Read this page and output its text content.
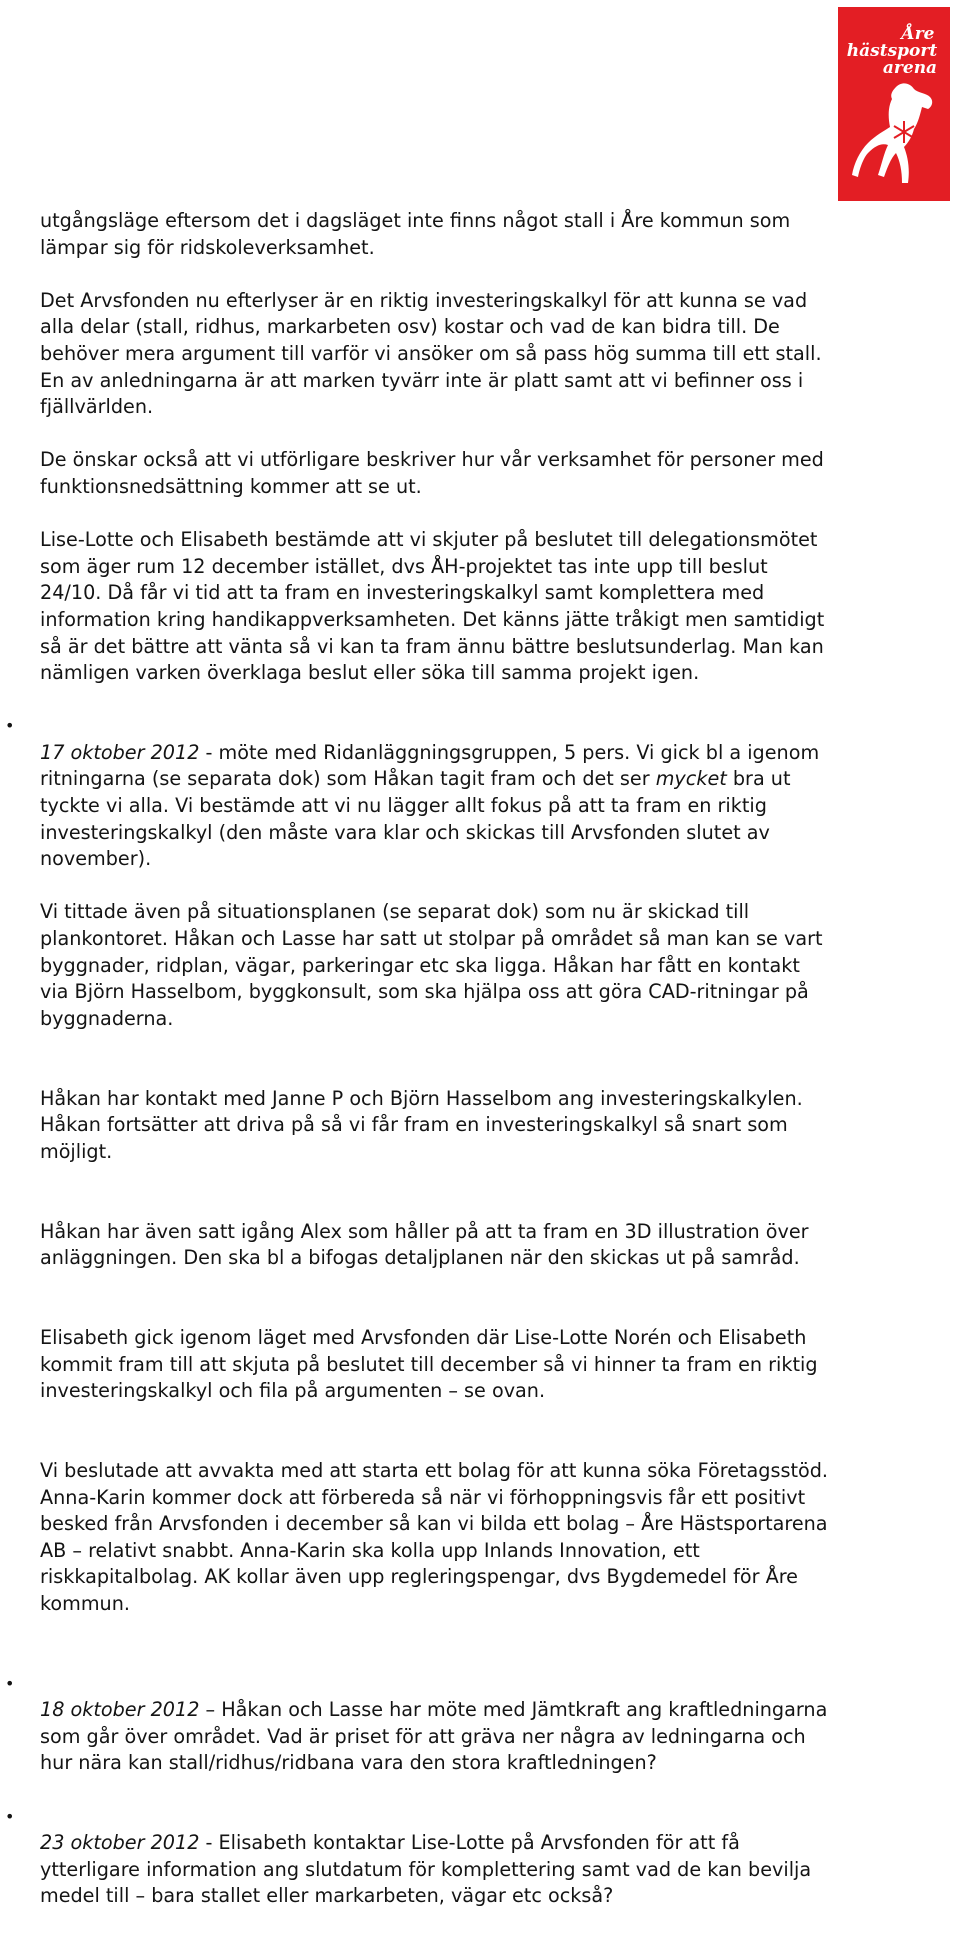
Åre
hästsport
arena

utgångsläge eftersom det i dagsläget inte finns något stall i Åre kommun som
lämpar sig för ridskoleverksamhet.

Det Arvsfonden nu efterlyser är en riktig investeringskalkyl för att kunna se vad
alla delar (stall, ridhus, markarbeten osv) kostar och vad de kan bidra till. De
behöver mera argument till varför vi ansöker om så pass hög summa till ett stall.
En av anledningarna är att marken tyvärr inte är platt samt att vi befinner oss i
fjällvärlden.

De önskar också att vi utförligare beskriver hur vår verksamhet för personer med
funktionsnedsättning kommer att se ut.

Lise-Lotte och Elisabeth bestämde att vi skjuter på beslutet till delegationsmötet
som äger rum 12 december istället, dvs ÅH-projektet tas inte upp till beslut
24/10. Då får vi tid att ta fram en investeringskalkyl samt komplettera med
information kring handikappverksamheten. Det känns jätte tråkigt men samtidigt
så är det bättre att vänta så vi kan ta fram ännu bättre beslutsunderlag. Man kan
nämligen varken överklaga beslut eller söka till samma projekt igen.

•
17 oktober 2012 - möte med Ridanläggningsgruppen, 5 pers. Vi gick bl a igenom
ritningarna (se separata dok) som Håkan tagit fram och det ser mycket bra ut
tyckte vi alla. Vi bestämde att vi nu lägger allt fokus på att ta fram en riktig
investeringskalkyl (den måste vara klar och skickas till Arvsfonden slutet av
november).

Vi tittade även på situationsplanen (se separat dok) som nu är skickad till
plankontoret. Håkan och Lasse har satt ut stolpar på området så man kan se vart
byggnader, ridplan, vägar, parkeringar etc ska ligga. Håkan har fått en kontakt
via Björn Hasselbom, byggkonsult, som ska hjälpa oss att göra CAD-ritningar på
byggnaderna.

Håkan har kontakt med Janne P och Björn Hasselbom ang investeringskalkylen.
Håkan fortsätter att driva på så vi får fram en investeringskalkyl så snart som
möjligt.

Håkan har även satt igång Alex som håller på att ta fram en 3D illustration över
anläggningen. Den ska bl a bifogas detaljplanen när den skickas ut på samråd.

Elisabeth gick igenom läget med Arvsfonden där Lise-Lotte Norén och Elisabeth
kommit fram till att skjuta på beslutet till december så vi hinner ta fram en riktig
investeringskalkyl och fila på argumenten – se ovan.

Vi beslutade att avvakta med att starta ett bolag för att kunna söka Företagsstöd.
Anna-Karin kommer dock att förbereda så när vi förhoppningsvis får ett positivt
besked från Arvsfonden i december så kan vi bilda ett bolag – Åre Hästsportarena
AB – relativt snabbt. Anna-Karin ska kolla upp Inlands Innovation, ett
riskkapitalbolag. AK kollar även upp regleringspengar, dvs Bygdemedel för Åre
kommun.

•
18 oktober 2012 – Håkan och Lasse har möte med Jämtkraft ang kraftledningarna
som går över området. Vad är priset för att gräva ner några av ledningarna och
hur nära kan stall/ridhus/ridbana vara den stora kraftledningen?

•
23 oktober 2012 - Elisabeth kontaktar Lise-Lotte på Arvsfonden för att få
ytterligare information ang slutdatum för komplettering samt vad de kan bevilja
medel till – bara stallet eller markarbeten, vägar etc också?
